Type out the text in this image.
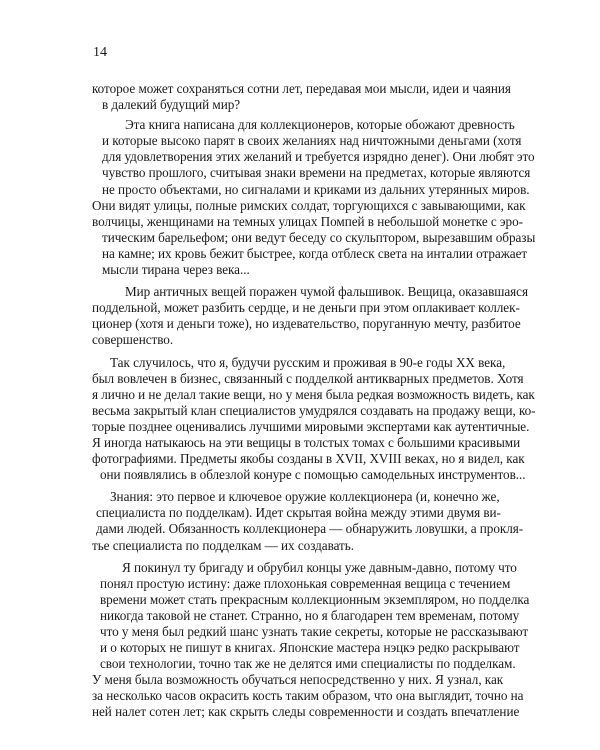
14
которое может сохраняться сотни лет, передавая мои мысли, идеи и чаяния
в далекий будущий мир?
Эта книга написана для коллекционеров, которые обожают древность
и которые высоко парят в своих желаниях над ничтожными деньгами (хотя
для удовлетворения этих желаний и требуется изрядно денег). Они любят это
чувство прошлого, считывая знаки времени на предметах, которые являются
не просто объектами, но сигналами и криками из дальних утерянных миров.
Они видят улицы, полные римских солдат, торгующихся с завывающими, как
волчицы, женщинами на темных улицах Помпей в небольшой монетке с эро-
тическим барельефом; они ведут беседу со скульптором, вырезавшим образы
на камне; их кровь бежит быстрее, когда отблеск света на инталии отражает
мысли тирана через века...
Мир античных вещей поражен чумой фальшивок. Вещица, оказавшаяся
поддельной, может разбить сердце, и не деньги при этом оплакивает коллек-
ционер (хотя и деньги тоже), но издевательство, поруганную мечту, разбитое
совершенство.
Так случилось, что я, будучи русским и проживая в 90-е годы XX века,
был вовлечен в бизнес, связанный с подделкой антикварных предметов. Хотя
я лично и не делал такие вещи, но у меня была редкая возможность видеть, как
весьма закрытый клан специалистов умудрялся создавать на продажу вещи, ко-
торые позднее оценивались лучшими мировыми экспертами как аутентичные.
Я иногда натыкаюсь на эти вещицы в толстых томах с большими красивыми
фотографиями. Предметы якобы созданы в XVII, XVIII веках, но я видел, как
они появлялись в облезлой конуре с помощью самодельных инструментов...
Знания: это первое и ключевое оружие коллекционера (и, конечно же,
специалиста по подделкам). Идет скрытая война между этими двумя ви-
дами людей. Обязанность коллекционера — обнаружить ловушки, а прокля-
тье специалиста по подделкам — их создавать.
Я покинул ту бригаду и обрубил концы уже давным-давно, потому что
понял простую истину: даже плохонькая современная вещица с течением
времени может стать прекрасным коллекционным экземпляром, но подделка
никогда таковой не станет. Странно, но я благодарен тем временам, потому
что у меня был редкий шанс узнать такие секреты, которые не рассказывают
и о которых не пишут в книгах. Японские мастера нэцкэ редко раскрывают
свои технологии, точно так же не делятся ими специалисты по подделкам.
У меня была возможность обучаться непосредственно у них. Я узнал, как
за несколько часов окрасить кость таким образом, что она выглядит, точно на
ней налет сотен лет; как скрыть следы современности и создать впечатление
